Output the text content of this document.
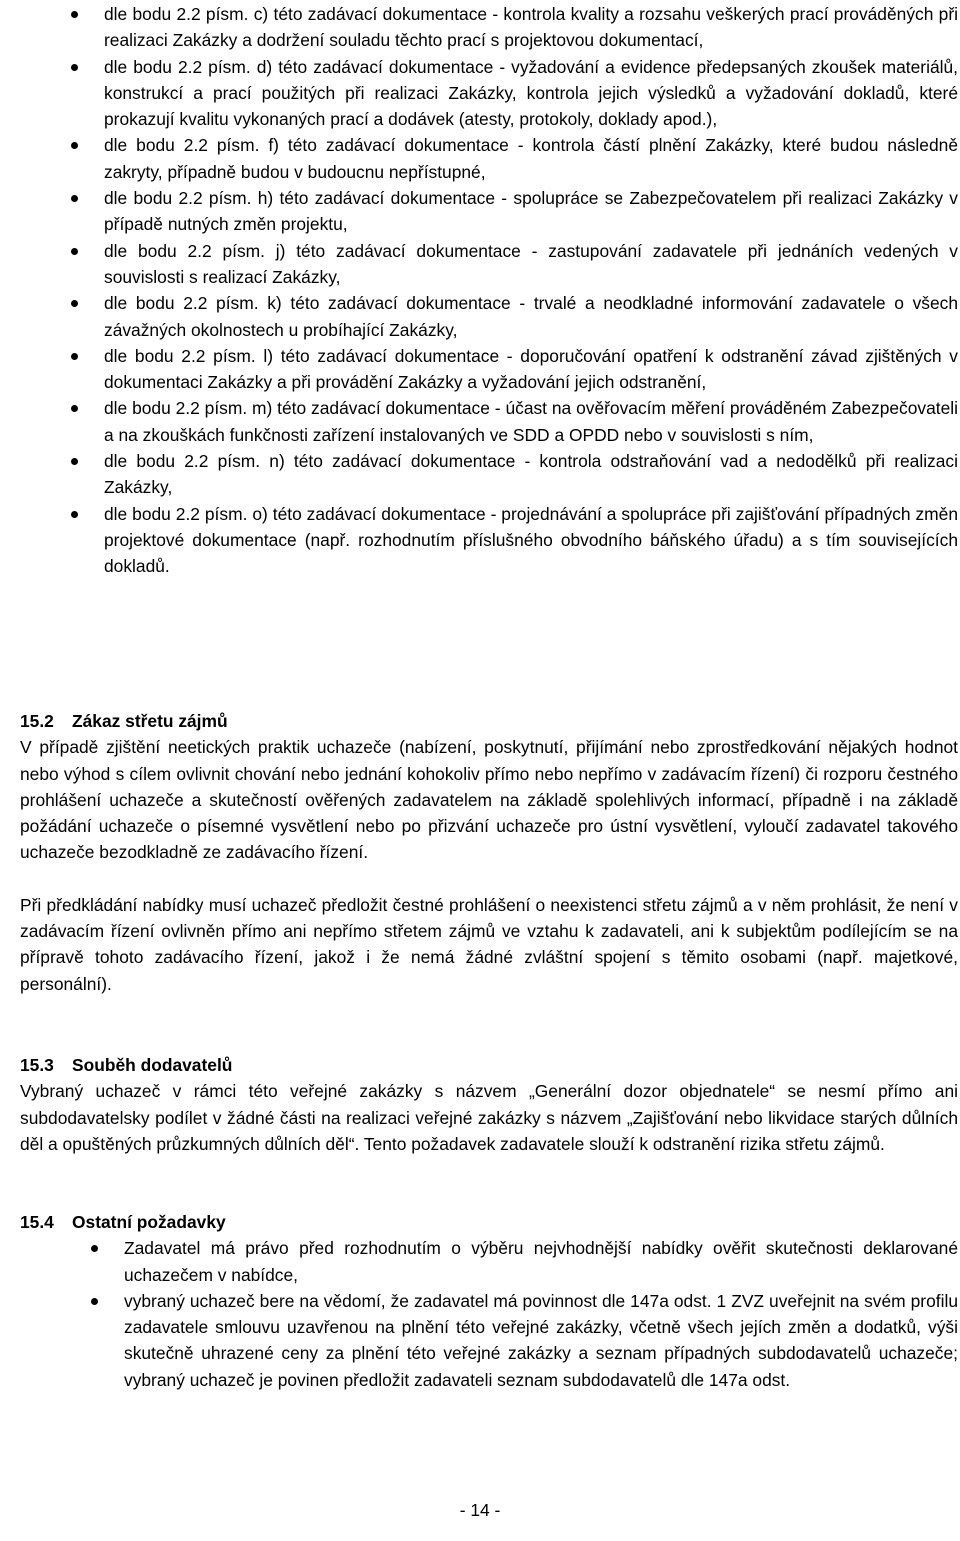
dle bodu 2.2 písm. c) této zadávací dokumentace - kontrola kvality a rozsahu veškerých prací prováděných při realizaci Zakázky a dodržení souladu těchto prací s projektovou dokumentací,
dle bodu 2.2 písm. d) této zadávací dokumentace - vyžadování a evidence předepsaných zkoušek materiálů, konstrukcí a prací použitých při realizaci Zakázky, kontrola jejich výsledků a vyžadování dokladů, které prokazují kvalitu vykonaných prací a dodávek (atesty, protokoly, doklady apod.),
dle bodu 2.2 písm. f) této zadávací dokumentace - kontrola částí plnění Zakázky, které budou následně zakryty, případně budou v budoucnu nepřístupné,
dle bodu 2.2 písm. h) této zadávací dokumentace - spolupráce se Zabezpečovatelem při realizaci Zakázky v případě nutných změn projektu,
dle bodu 2.2 písm. j) této zadávací dokumentace - zastupování zadavatele při jednáních vedených v souvislosti s realizací Zakázky,
dle bodu 2.2 písm. k) této zadávací dokumentace - trvalé a neodkladné informování zadavatele o všech závažných okolnostech u probíhající Zakázky,
dle bodu 2.2 písm. l) této zadávací dokumentace - doporučování opatření k odstranění závad zjištěných v dokumentaci Zakázky a při provádění Zakázky a vyžadování jejich odstranění,
dle bodu 2.2 písm. m) této zadávací dokumentace - účast na ověřovacím měření prováděném Zabezpečovateli a na zkouškách funkčnosti zařízení instalovaných ve SDD a OPDD nebo v souvislosti s ním,
dle bodu 2.2 písm. n) této zadávací dokumentace - kontrola odstraňování vad a nedodělků při realizaci Zakázky,
dle bodu 2.2 písm. o) této zadávací dokumentace - projednávání a spolupráce při zajišťování případných změn projektové dokumentace (např. rozhodnutím příslušného obvodního báňského úřadu) a s tím souvisejících dokladů.
15.2	Zákaz střetu zájmů

V případě zjištění neetických praktik uchazeče (nabízení, poskytnutí, přijímání nebo zprostředkování nějakých hodnot nebo výhod s cílem ovlivnit chování nebo jednání kohokoliv přímo nebo nepřímo v zadávacím řízení) či rozporu čestného prohlášení uchazeče a skutečností ověřených zadavatelem na základě spolehlivých informací, případně i na základě požádání uchazeče o písemné vysvětlení nebo po přizvání uchazeče pro ústní vysvětlení, vyloučí zadavatel takového uchazeče bezodkladně ze zadávacího řízení.

Při předkládání nabídky musí uchazeč předložit čestné prohlášení o neexistenci střetu zájmů a v něm prohlásit, že není v zadávacím řízení ovlivněn přímo ani nepřímo střetem zájmů ve vztahu k zadavateli, ani k subjektům podílejícím se na přípravě tohoto zadávacího řízení, jakož i že nemá žádné zvláštní spojení s těmito osobami (např. majetkové, personální).

15.3	Souběh dodavatelů

Vybraný uchazeč v rámci této veřejné zakázky s názvem „Generální dozor objednatele“ se nesmí přímo ani subdodavatelsky podílet v žádné části na realizaci veřejné zakázky s názvem „Zajišťování nebo likvidace starých důlních děl a opuštěných průzkumných důlních děl“. Tento požadavek zadavatele slouží k odstranění rizika střetu zájmů.

15.4	Ostatní požadavky
Zadavatel má právo před rozhodnutím o výběru nejvhodnější nabídky ověřit skutečnosti deklarované uchazečem v nabídce,
vybraný uchazeč bere na vědomí, že zadavatel má povinnost dle 147a odst. 1 ZVZ uveřejnit na svém profilu zadavatele smlouvu uzavřenou na plnění této veřejné zakázky, včetně všech jejích změn a dodatků, výši skutečně uhrazené ceny za plnění této veřejné zakázky a seznam případných subdodavatelů uchazeče; vybraný uchazeč je povinen předložit zadavateli seznam subdodavatelů dle 147a odst.
- 14 -
